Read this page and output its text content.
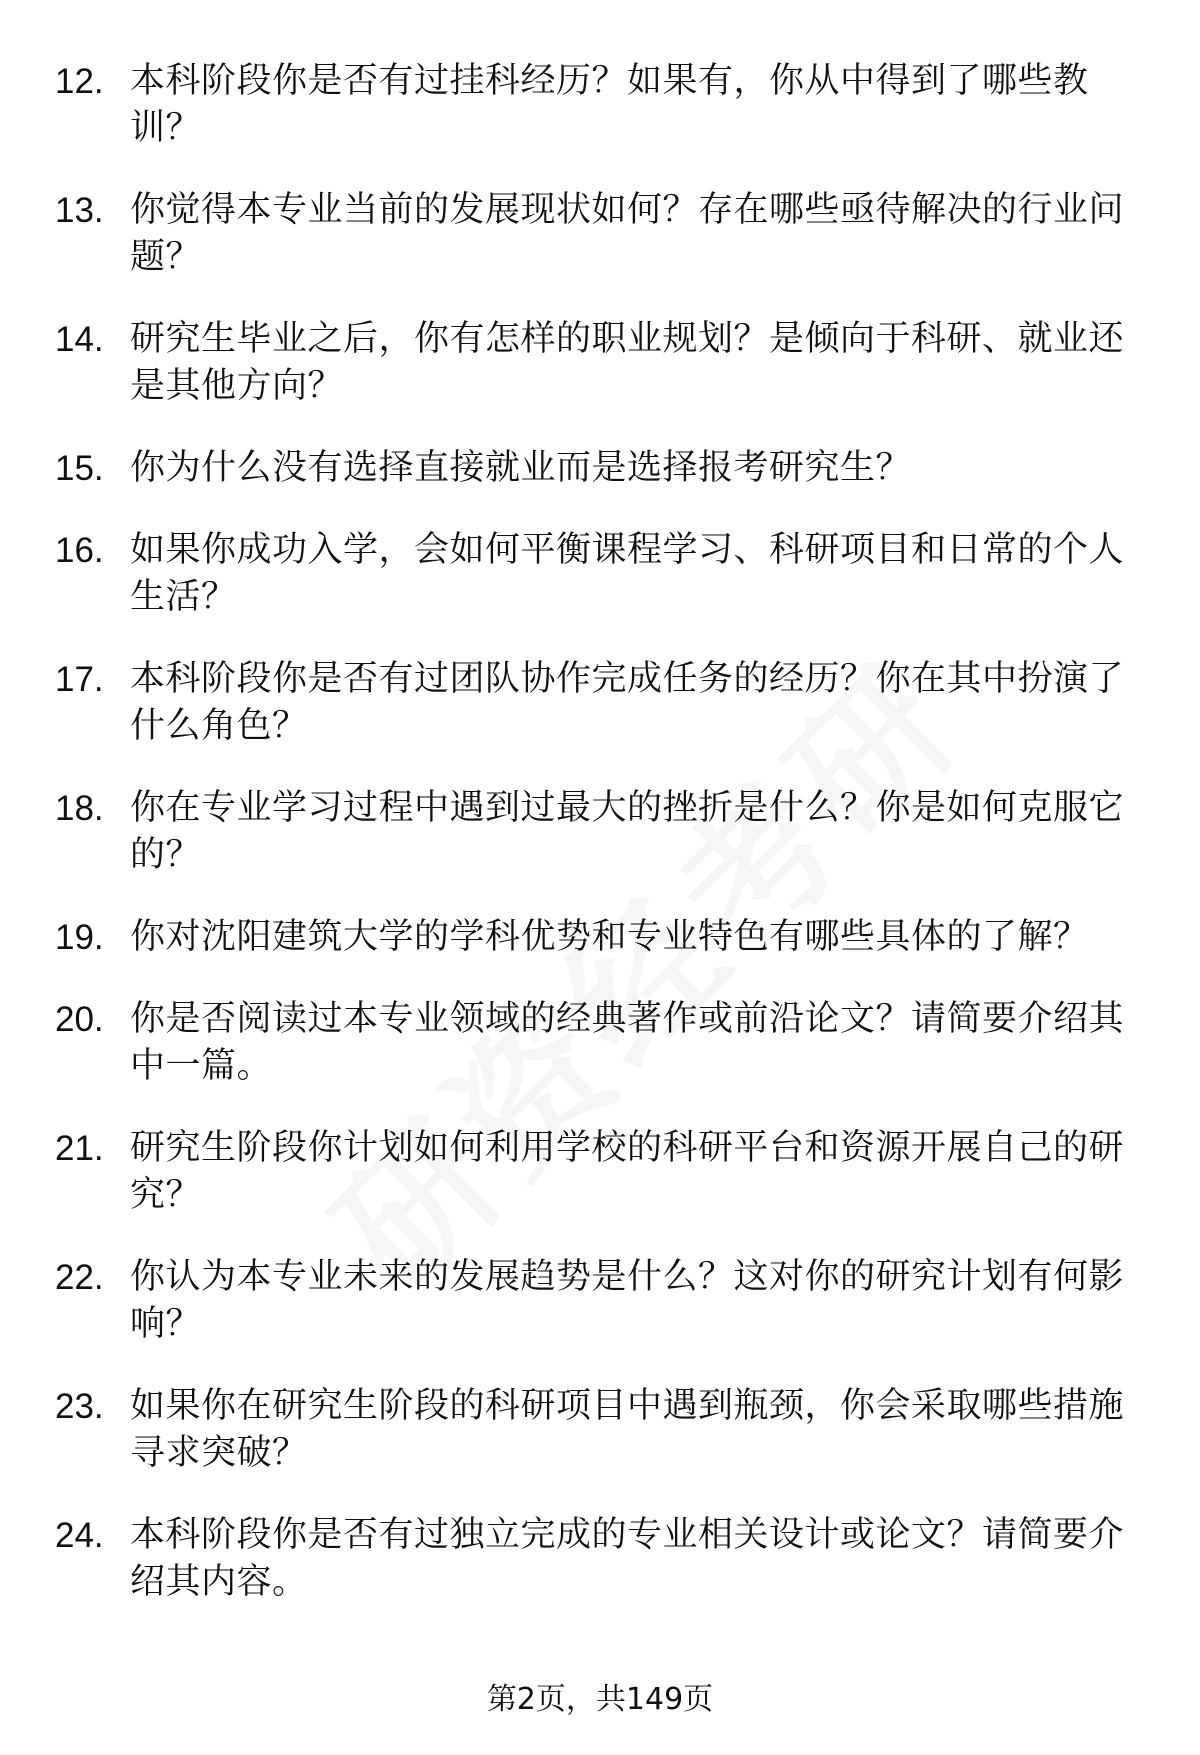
12. 本科阶段你是否有过挂科经历？如果有，你从中得到了哪些教训？
13. 你觉得本专业当前的发展现状如何？存在哪些亟待解决的行业问题？
14. 研究生毕业之后，你有怎样的职业规划？是倾向于科研、就业还是其他方向？
15. 你为什么没有选择直接就业而是选择报考研究生？
16. 如果你成功入学，会如何平衡课程学习、科研项目和日常的个人生活？
17. 本科阶段你是否有过团队协作完成任务的经历？你在其中扮演了什么角色？
18. 你在专业学习过程中遇到过最大的挫折是什么？你是如何克服它的？
19. 你对沈阳建筑大学的学科优势和专业特色有哪些具体的了解？
20. 你是否阅读过本专业领域的经典著作或前沿论文？请简要介绍其中一篇。
21. 研究生阶段你计划如何利用学校的科研平台和资源开展自己的研究？
22. 你认为本专业未来的发展趋势是什么？这对你的研究计划有何影响？
23. 如果你在研究生阶段的科研项目中遇到瓶颈，你会采取哪些措施寻求突破？
24. 本科阶段你是否有过独立完成的专业相关设计或论文？请简要介绍其内容。
第2页，共149页
